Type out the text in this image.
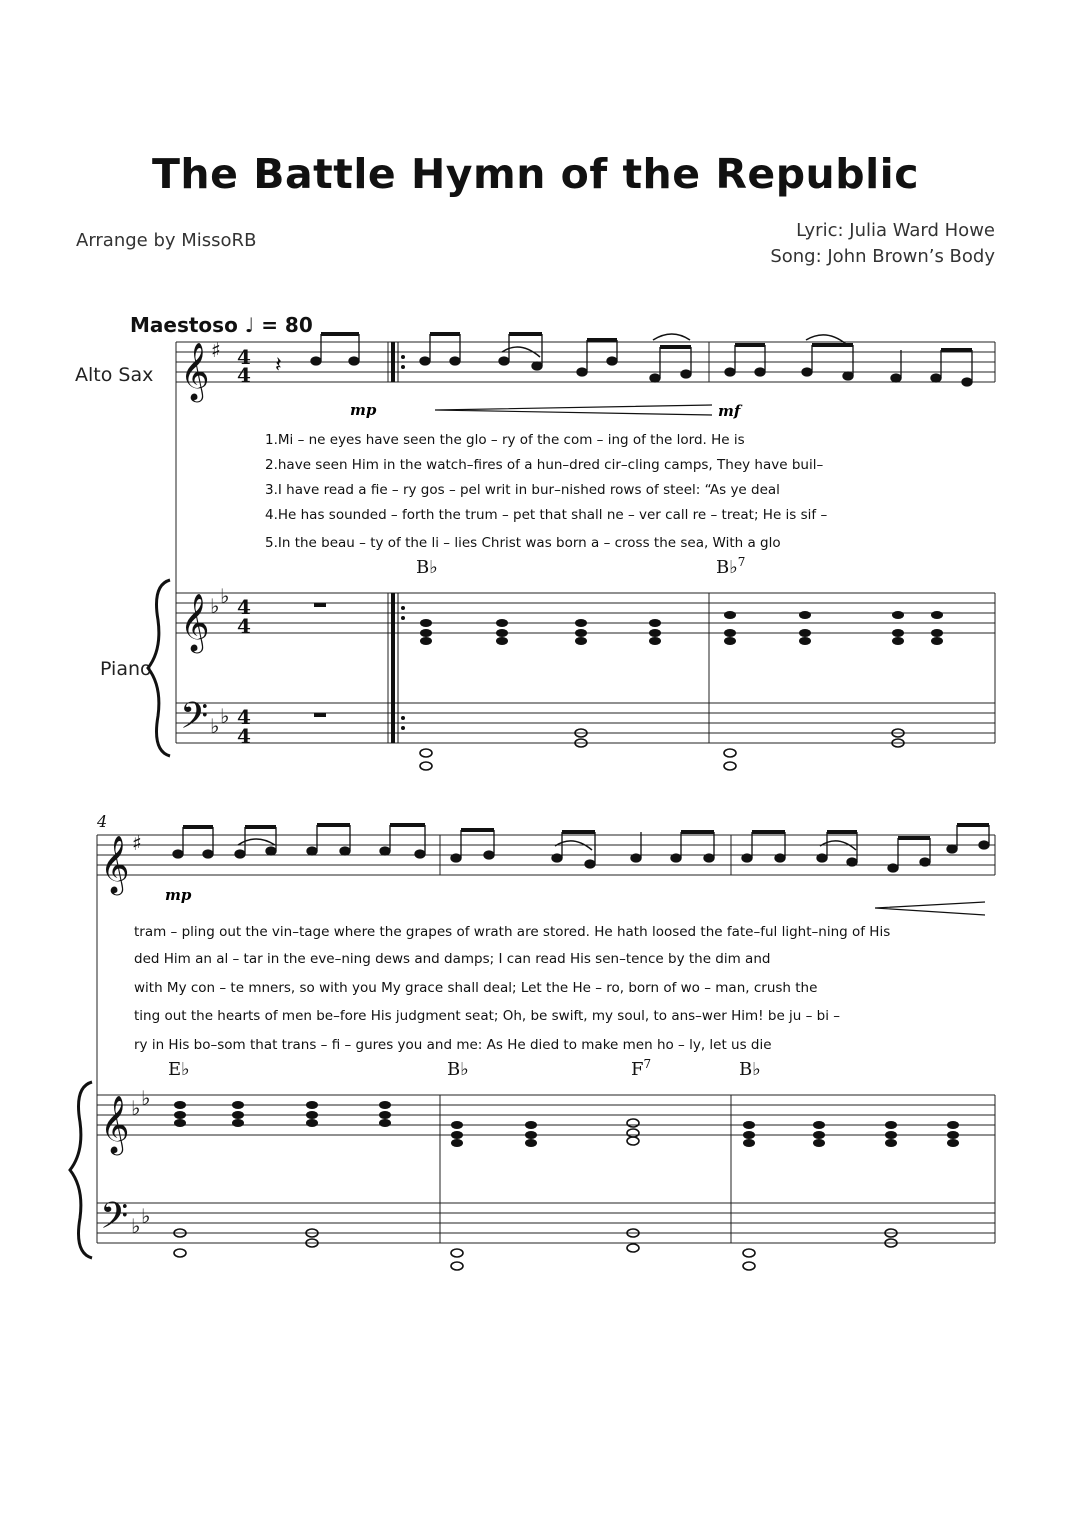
The Battle Hymn of the Republic
Arrange by MissoRB	Lyric: Julia Ward Howe
Song: John Brown’s Body
Maestoso ♩ = 80
Alto Sax
Piano
4
1.Mi – ne eyes have seen the glo – ry of the com – ing of the lord. He is
2.have seen Him in the watch–fires of a hun–dred cir–cling camps, They have buil–
3.I have read a fie – ry gos – pel writ in bur–nished rows of steel: “As ye deal
4.He has sounded – forth the trum – pet that shall ne – ver call re – treat; He is sif –
5.In the beau – ty of the li – lies Christ was born a – cross the sea, With a glo
tram – pling out the vin–tage where the grapes of wrath are stored. He hath loosed the fate–ful light–ning of His
ded Him an al – tar in the eve–ning dews and damps; I can read His sen–tence by the dim and
with My con – te mners, so with you My grace shall deal; Let the He – ro, born of wo – man, crush the
ting out the hearts of men be–fore His judgment seat; Oh, be swift, my soul, to ans–wer Him! be ju – bi –
ry in His bo–som that trans – fi – gures you and me: As He died to make men ho – ly, let us die
B♭	B♭$^7$
E♭	B♭	$F^7$	B♭
𝄞 ♯ 4
4
𝄞 ♭ ♭ 4
4
𝄢 ♭ ♭ 4
4
𝄞 ♯
𝄞 ♭ ♭
𝄢 ♭ ♭
𝄽
mp	mf
mp
